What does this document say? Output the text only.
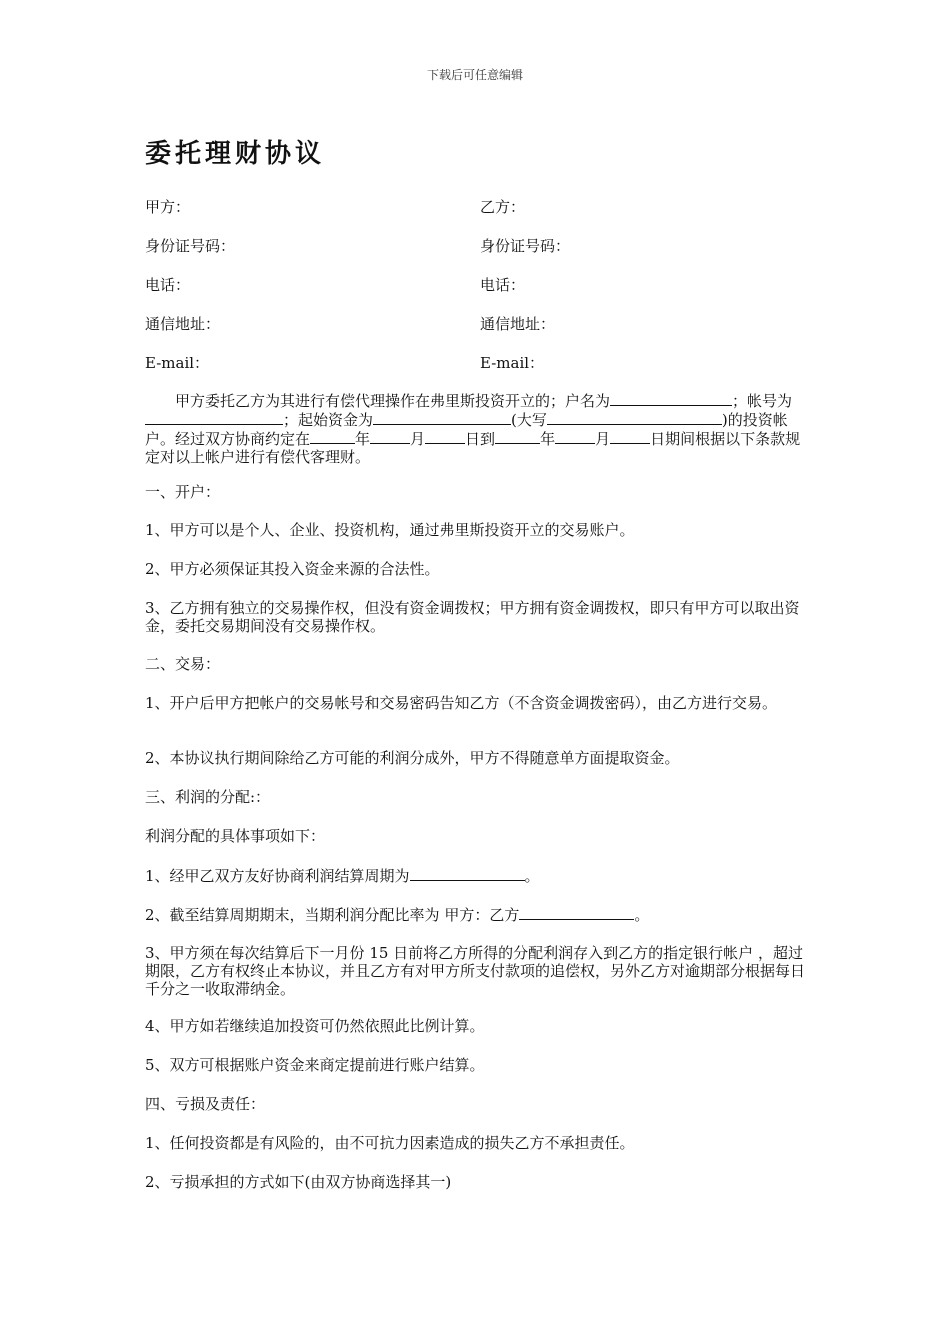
下载后可任意编辑
委托理财协议
甲方：	乙方：
身份证号码：	身份证号码：
电话：	电话：
通信地址：	通信地址：
E-mail：	E-mail：

甲方委托乙方为其进行有偿代理操作在弗里斯投资开立的；户名为	；帐号为；起始资金为	(大写	)的投资帐户。经过双方协商约定在	年	月	日到	年	月	日期间根据以下条款规定对以上帐户进行有偿代客理财。

一、开户：

1、甲方可以是个人、企业、投资机构，通过弗里斯投资开立的交易账户。

2、甲方必须保证其投入资金来源的合法性。

3、乙方拥有独立的交易操作权，但没有资金调拨权；甲方拥有资金调拨权，即只有甲方可以取出资金，委托交易期间没有交易操作权。

二、交易：

1、开户后甲方把帐户的交易帐号和交易密码告知乙方（不含资金调拨密码），由乙方进行交易。

2、本协议执行期间除给乙方可能的利润分成外，甲方不得随意单方面提取资金。

三、利润的分配:：

利润分配的具体事项如下：

1、经甲乙双方友好协商利润结算周期为	。

2、截至结算周期期末，当期利润分配比率为 甲方：乙方	。

3、甲方须在每次结算后下一月份 15 日前将乙方所得的分配利润存入到乙方的指定银行帐户 ，超过期限，乙方有权终止本协议，并且乙方有对甲方所支付款项的追偿权，另外乙方对逾期部分根据每日千分之一收取滞纳金。

4、甲方如若继续追加投资可仍然依照此比例计算。

5、双方可根据账户资金来商定提前进行账户结算。

四、亏损及责任：

1、任何投资都是有风险的，由不可抗力因素造成的损失乙方不承担责任。

2、亏损承担的方式如下(由双方协商选择其一)
